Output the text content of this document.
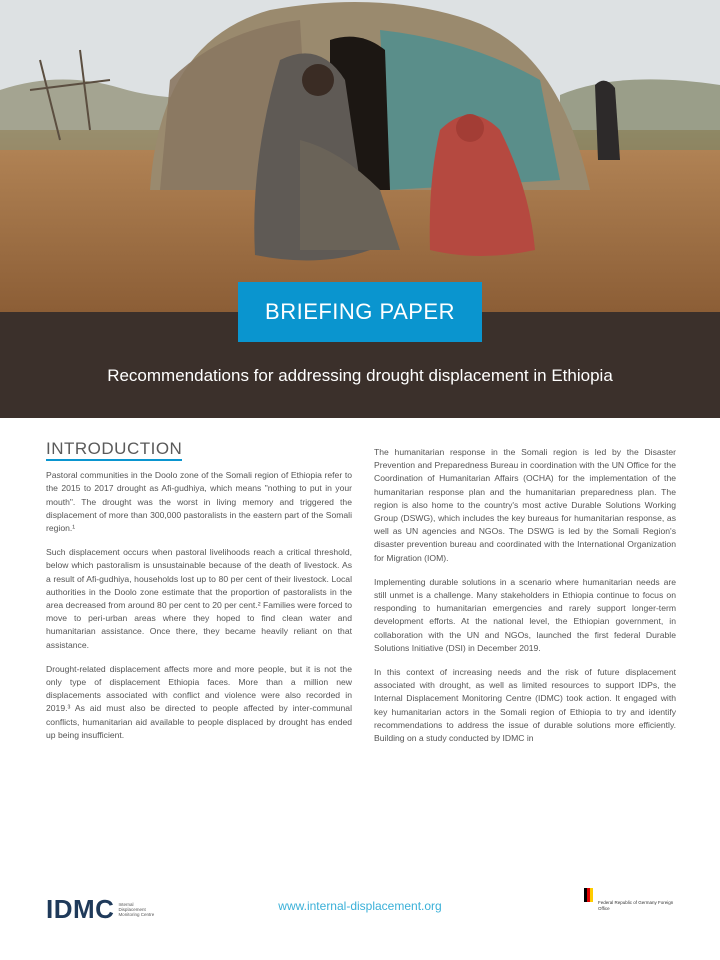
BRIEFING PAPER
Recommendations for addressing drought displacement in Ethiopia
INTRODUCTION

Pastoral communities in the Doolo zone of the Somali region of Ethiopia refer to the 2015 to 2017 drought as Afi-gudhiya, which means "nothing to put in your mouth". The drought was the worst in living memory and triggered the displacement of more than 300,000 pastoralists in the eastern part of the Somali region.¹

Such displacement occurs when pastoral livelihoods reach a critical threshold, below which pastoralism is unsustainable because of the death of livestock. As a result of Afi-gudhiya, households lost up to 80 per cent of their livestock. Local authorities in the Doolo zone estimate that the proportion of pastoralists in the area decreased from around 80 per cent to 20 per cent.² Families were forced to move to peri-urban areas where they hoped to find clean water and humanitarian assistance. Once there, they became heavily reliant on that assistance.

Drought-related displacement affects more and more people, but it is not the only type of displacement Ethiopia faces. More than a million new displacements associated with conflict and violence were also recorded in 2019.³ As aid must also be directed to people affected by inter-communal conflicts, humanitarian aid available to people displaced by drought has ended up being insufficient.

The humanitarian response in the Somali region is led by the Disaster Prevention and Preparedness Bureau in coordination with the UN Office for the Coordination of Humanitarian Affairs (OCHA) for the implementation of the humanitarian response plan and the humanitarian preparedness plan. The region is also home to the country's most active Durable Solutions Working Group (DSWG), which includes the key bureaus for humanitarian response, as well as UN agencies and NGOs. The DSWG is led by the Somali Region's disaster prevention bureau and coordinated with the International Organization for Migration (IOM).

Implementing durable solutions in a scenario where humanitarian needs are still unmet is a challenge. Many stakeholders in Ethiopia continue to focus on responding to humanitarian emergencies and rarely support longer-term development efforts. At the national level, the Ethiopian government, in collaboration with the UN and NGOs, launched the first federal Durable Solutions Initiative (DSI) in December 2019.

In this context of increasing needs and the risk of future displacement associated with drought, as well as limited resources to support IDPs, the Internal Displacement Monitoring Centre (IDMC) took action. It engaged with key humanitarian actors in the Somali region of Ethiopia to try and identify recommendations to address the issue of durable solutions more efficiently. Building on a study conducted by IDMC in

IDMC Internal Displacement Monitoring Centre
www.internal-displacement.org	Federal Republic of Germany Foreign Office
